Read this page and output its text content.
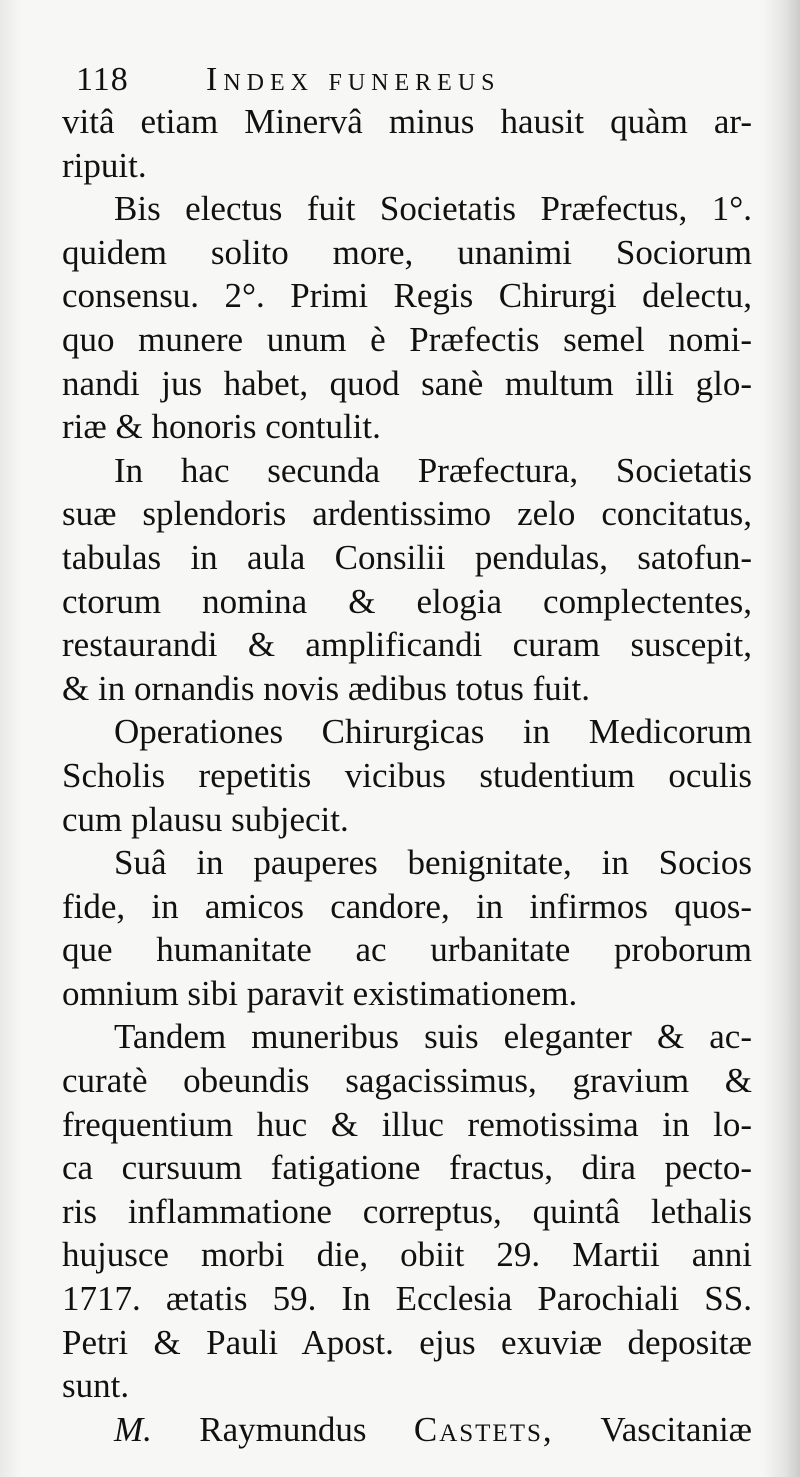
118 Index funereus
vitâ etiam Minervâ minus hausit quàm ar-
ripuit.
Bis electus fuit Societatis Præfectus, 1°.
quidem solito more, unanimi Sociorum
consensu. 2°. Primi Regis Chirurgi delectu,
quo munere unum è Præfectis semel nomi-
nandi jus habet, quod sanè multum illi glo-
riæ & honoris contulit.
In hac secunda Præfectura, Societatis
suæ splendoris ardentissimo zelo concitatus,
tabulas in aula Consilii pendulas, satofun-
ctorum nomina & elogia complectentes,
restaurandi & amplificandi curam suscepit,
& in ornandis novis ædibus totus fuit.
Operationes Chirurgicas in Medicorum
Scholis repetitis vicibus studentium oculis
cum plausu subjecit.
Suâ in pauperes benignitate, in Socios
fide, in amicos candore, in infirmos quos-
que humanitate ac urbanitate proborum
omnium sibi paravit existimationem.
Tandem muneribus suis eleganter & ac-
curatè obeundis sagacissimus, gravium &
frequentium huc & illuc remotissima in lo-
ca cursuum fatigatione fractus, dira pecto-
ris inflammatione correptus, quintâ lethalis
hujusce morbi die, obiit 29. Martii anni
1717. ætatis 59. In Ecclesia Parochiali SS.
Petri & Pauli Apost. ejus exuviæ depositæ
sunt.
M. Raymundus Castets, Vascitaniæ
